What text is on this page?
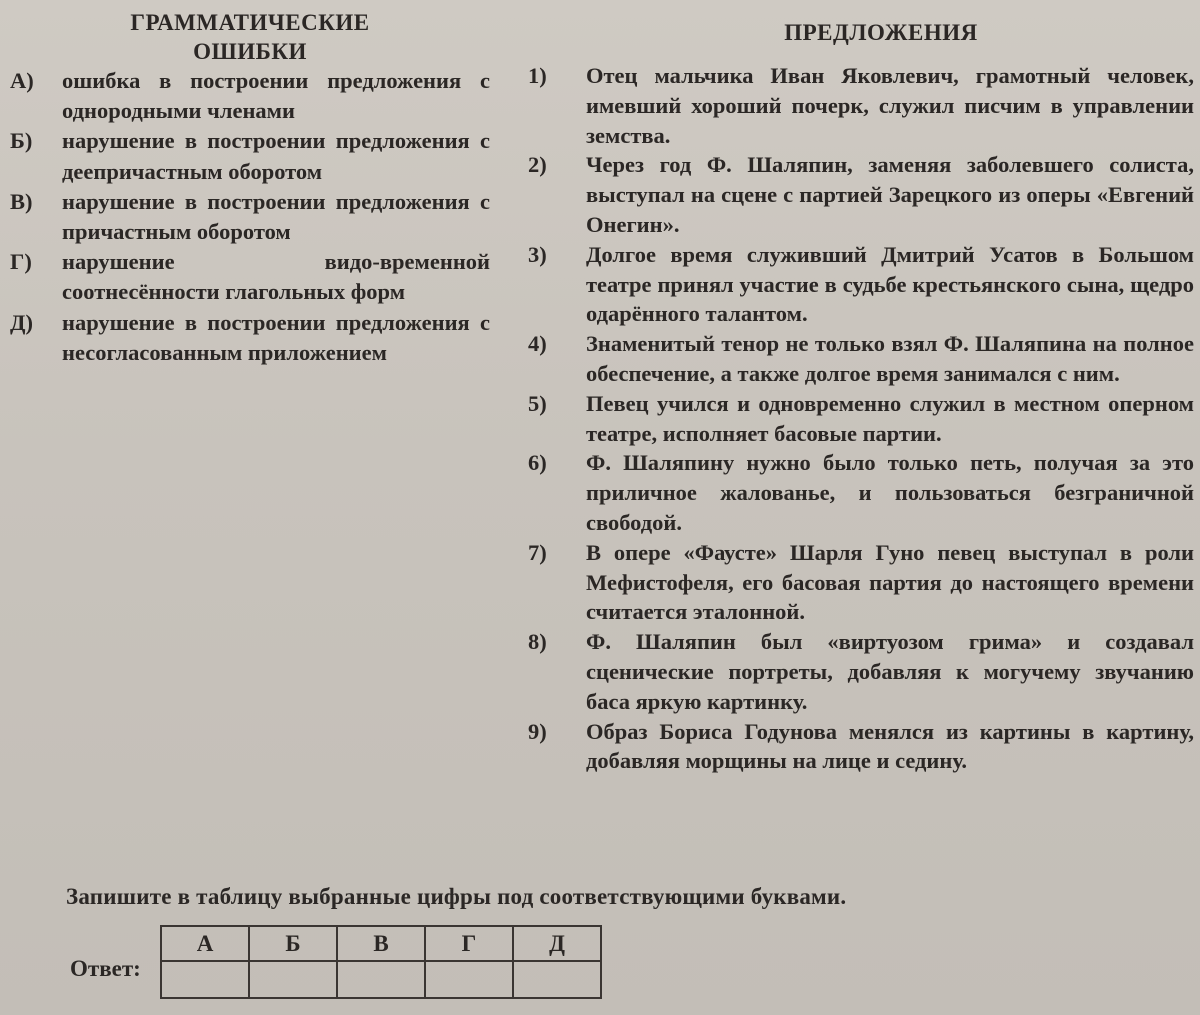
ГРАММАТИЧЕСКИЕ
ОШИБКИ
А)	ошибка в построении предложения с однородными членами
Б)	нарушение в построении предложения с деепричастным оборотом
В)	нарушение в построении предложения с причастным оборотом
Г)	нарушение видо-временной соотнесённости глагольных форм
Д)	нарушение в построении предложения с несогласованным приложением
ПРЕДЛОЖЕНИЯ
1)	Отец мальчика Иван Яковлевич, грамотный человек, имевший хороший почерк, служил писчим в управлении земства.
2)	Через год Ф. Шаляпин, заменяя заболевшего солиста, выступал на сцене с партией Зарецкого из оперы «Евгений Онегин».
3)	Долгое время служивший Дмитрий Усатов в Большом театре принял участие в судьбе крестьянского сына, щедро одарённого талантом.
4)	Знаменитый тенор не только взял Ф. Шаляпина на полное обеспечение, а также долгое время занимался с ним.
5)	Певец учился и одновременно служил в местном оперном театре, исполняет басовые партии.
6)	Ф. Шаляпину нужно было только петь, получая за это приличное жалованье, и пользоваться безграничной свободой.
7)	В опере «Фаусте» Шарля Гуно певец выступал в роли Мефистофеля, его басовая партия до настоящего времени считается эталонной.
8)	Ф. Шаляпин был «виртуозом грима» и создавал сценические портреты, добавляя к могучему звучанию баса яркую картинку.
9)	Образ Бориса Годунова менялся из картины в картину, добавляя морщины на лице и седину.
Запишите в таблицу выбранные цифры под соответствующими буквами.
Ответ:
А	Б	В	Г	Д
